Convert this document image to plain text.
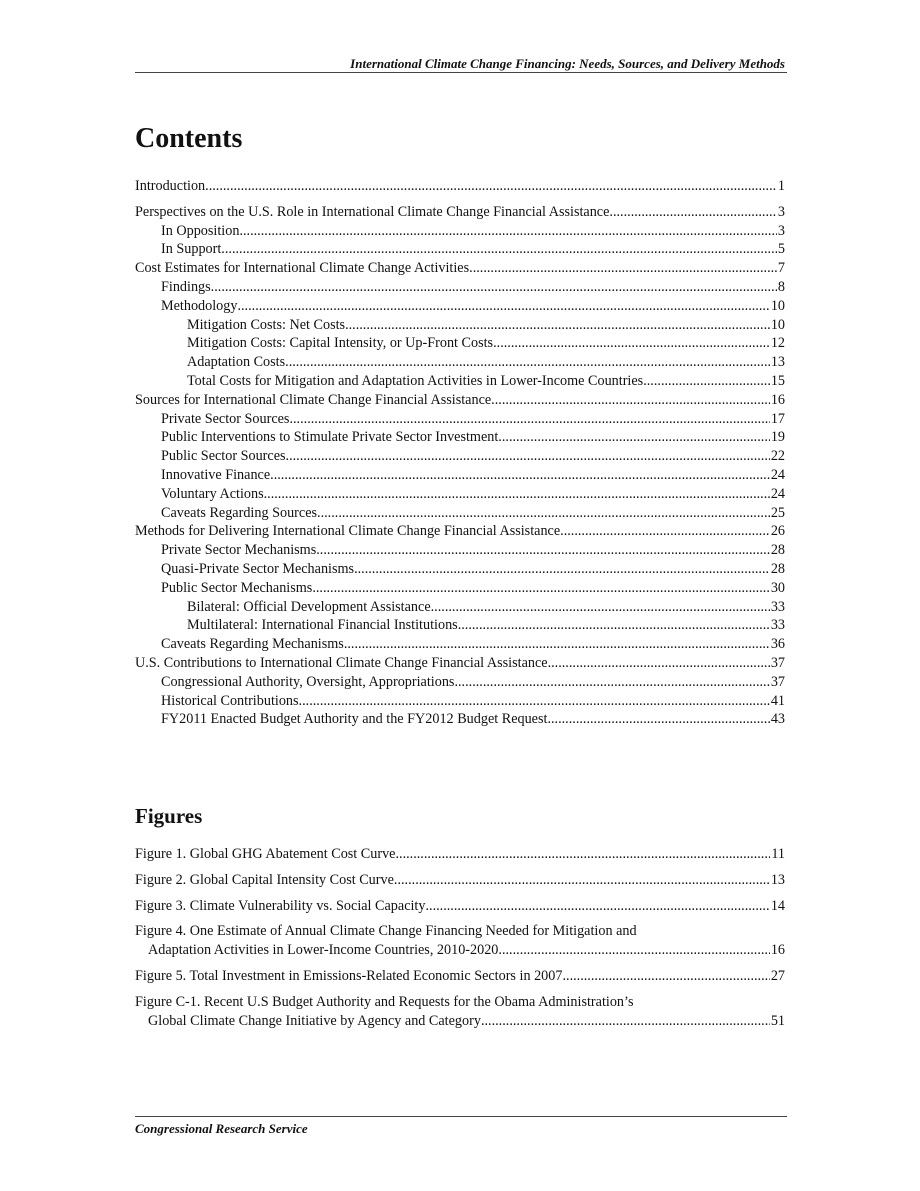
International Climate Change Financing: Needs, Sources, and Delivery Methods
Contents
Introduction .....	1
Perspectives on the U.S. Role in International Climate Change Financial Assistance .....	3
In Opposition .....	3
In Support .....	5
Cost Estimates for International Climate Change Activities .....	7
Findings .....	8
Methodology .....	10
Mitigation Costs: Net Costs .....	10
Mitigation Costs: Capital Intensity, or Up-Front Costs .....	12
Adaptation Costs .....	13
Total Costs for Mitigation and Adaptation Activities in Lower-Income Countries .....	15
Sources for International Climate Change Financial Assistance .....	16
Private Sector Sources .....	17
Public Interventions to Stimulate Private Sector Investment .....	19
Public Sector Sources .....	22
Innovative Finance .....	24
Voluntary Actions .....	24
Caveats Regarding Sources .....	25
Methods for Delivering International Climate Change Financial Assistance .....	26
Private Sector Mechanisms .....	28
Quasi-Private Sector Mechanisms .....	28
Public Sector Mechanisms .....	30
Bilateral: Official Development Assistance .....	33
Multilateral: International Financial Institutions .....	33
Caveats Regarding Mechanisms .....	36
U.S. Contributions to International Climate Change Financial Assistance .....	37
Congressional Authority, Oversight, Appropriations .....	37
Historical Contributions .....	41
FY2011 Enacted Budget Authority and the FY2012 Budget Request .....	43
Figures
Figure 1. Global GHG Abatement Cost Curve .....	11
Figure 2. Global Capital Intensity Cost Curve .....	13
Figure 3. Climate Vulnerability vs. Social Capacity .....	14
Figure 4. One Estimate of Annual Climate Change Financing Needed for Mitigation and
Adaptation Activities in Lower-Income Countries, 2010-2020 .....	16
Figure 5. Total Investment in Emissions-Related Economic Sectors in 2007 .....	27
Figure C-1. Recent U.S Budget Authority and Requests for the Obama Administration’s
Global Climate Change Initiative by Agency and Category .....	51
Congressional Research Service
